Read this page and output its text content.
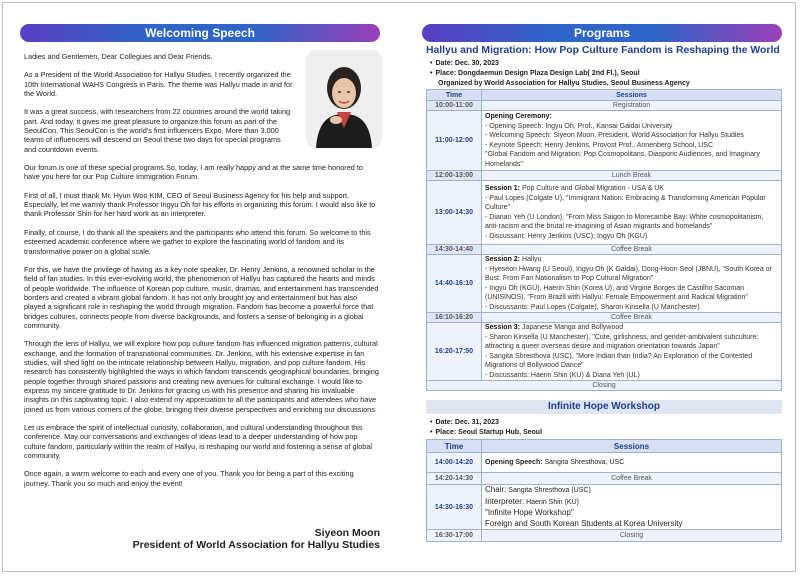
Welcoming Speech

Ladies and Gentlemen, Dear Collegues and Dear Friends,

As a President of the World Association for Hallyu Studies, I recently organized the 10th International WAHS Congress in Paris. The theme was Hallyu made in and for the World.

It was a great success, with researchers from 22 countries around the world taking part. And today, it gives me great pleasure to organize this forum as part of the SeoulCon. This SeoulCon is the world's first influencers Expo. More than 3,000 teams of influencers will descend on Seoul these two days for special programs and countdown events.

Our forum is one of these special programs.So, today, I am really happy and at the same time honored to have you here for our Pop Culture Immigration Forum.

First of all, I must thank Mr. Hyun Woo KIM, CEO of Seoul Business Agency for his help and support. Especially, let me warmly thank Professor Ingyu Oh for his efforts in organizing this forum. I would also like to thank Professor Shin for her hard work as an interpreter.

Finally, of course, I do thank all the speakers and the participants who attend this forum. So welcome to this esteemed academic conference where we gather to explore the fascinating world of fandom and its transformative power on a global scale.

For this, we have the privilege of having as a key note speaker, Dr. Henry Jenkins, a renowned scholar in the field of fan studies. In this ever-evolving world, the phenomenon of Hallyu has captured the hearts and minds of people worldwide. The influence of Korean pop culture, music, dramas, and entertainment has transcended borders and created a vibrant global fandom. It has not only brought joy and entertainment but has also played a significant role in reshaping the world through migration. Fandom has become a powerful force that bridges cultures, connects people from diverse backgrounds, and fosters a sense of belonging in a global community.

Through the lens of Hallyu, we will explore how pop culture fandom has influenced migration patterns, cultural exchange, and the formation of transnational communities. Dr. Jenkins, with his extensive expertise in fan studies, will shed light on the intricate relationship between Hallyu, migration, and pop culture fandom. His research has consistently highlighted the ways in which fandom transcends geographical boundaries, bringing people together through shared passions and creating new avenues for cultural exchange. I would like to express my sincere gratitude to Dr. Jenkins for gracing us with his presence and sharing his invaluable insights on this captivating topic. I also extend my appreciation to all the participants and attendees who have joined us from various corners of the globe, bringing their diverse perspectives and enriching our discussions.

Let us embrace the spirit of intellectual curiosity, collaboration, and cultural understanding throughout this conference. May our conversations and exchanges of ideas lead to a deeper understanding of how pop culture fandom, particularly within the realm of Hallyu, is reshaping our world and fostering a sense of global community.

Once again, a warm welcome to each and every one of you. Thank you for being a part of this exciting journey. Thank you so much and enjoy the event!

Siyeon Moon
President of World Association for Hallyu Studies
Programs
Hallyu and Migration: How Pop Culture Fandom is Reshaping the World
• Date: Dec. 30, 2023
• Place: Dongdaemun Design Plaza Design Lab( 2nd Fl.), Seoul
Organized by World Association for Hallyu Studies, Seoul Business Agency
Time	Sessions
10:00-11:00	Registration
11:00-12:00	Opening Ceremony:
- Opening Speech: Ingyu Oh, Prof., Kansai Gaidai University
- Welcoming Speech: Siyeon Moon, President, World Association for Hallyu Studies
- Keynote Speech: Henry Jenkins, Provost Prof., Annenberg School, USC
"Global Fandom and Migration: Pop Cosmopolitans, Diasporic Audiences, and Imaginary Homelands"

12:00-13:00	Lunch Break
13:00-14:30	Session 1: Pop Culture and Global Migration - USA & UK
- Paul Lopes (Colgate U), "Immigrant Nation: Embracing & Transforming American Popular Culture"
- Dianan Yeh (U London), "From Miss Saigon to Morecambe Bay: White cosmopolitanism, anti-racism and the brutal re-imagining of Asian migrants and homelands"
- Discussant: Henry Jenkins (USC); Ingyu Oh (KGU)

14:30-14:40	Coffee Break
14:40-16:10	Session 2: Hallyu
- Hyeseon Hwang (U Seoul), Ingyu Oh (K Gaidai), Dong-Hoon Seol (JBNU), "South Korea or Bust: From Fan Nationalism to Pop Cultural Migration"
- Ingyu Oh (KGU), Haerin Shin (Korea U), and Virgine Borges de Castilho Sacoman (UNISINOS), "From Brazil with Hallyu: Female Empowerment and Radical Migration"
- Discussants: Paul Lopes (Colgate), Sharon Kinsella (U Manchester)

16:10-16:20	Coffee Break
16:20-17:50	Session 3: Japanese Manga and Bollywood
- Sharon Kinsella (U Manchester), "Cute, girlishness, and gender-ambivalent subculture: attracting a queer overseas desire and migration orientation towards Japan"
- Sangita Shresthova (USC), "More Indian than India? An Exploration of the Contested Migrations of Bollywood Dance"
- Discussants: Haerin Shin (KU) & Diana Yeh (UL)

Closing	
Infinite Hope Workshop
• Date: Dec. 31, 2023
• Place: Seoul Startup Hub, Seoul
Time	Sessions
14:00-14:20	Opening Speech: Sangita Shresthova, USC
14:20-14:30	Coffee Break
14:30-16:30	Chair: Sangita Shresthova (USC)
Interpreter: Haerin Shin (KU)
"Infinite Hope Workshop"
Foreign and South Korean Students at Korea University

16:30-17:00	Closing
